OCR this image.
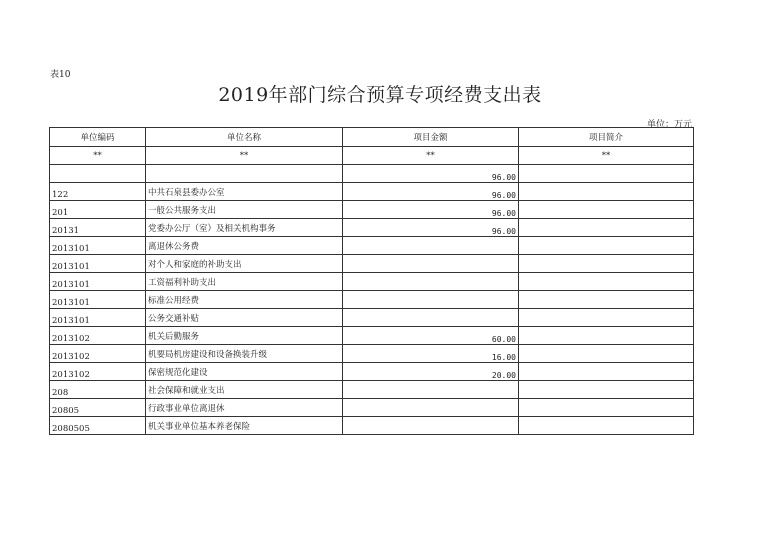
表10
2019年部门综合预算专项经费支出表
单位：万元
单位编码	单位名称	项目金额	项目简介
**	**	**	**
		96.00	
122	中共石泉县委办公室	96.00	
201	一般公共服务支出	96.00	
20131	党委办公厅（室）及相关机构事务	96.00	
2013101	离退休公务费		
2013101	对个人和家庭的补助支出		
2013101	工资福利补助支出		
2013101	标准公用经费		
2013101	公务交通补贴		
2013102	机关后勤服务	60.00	
2013102	机要局机房建设和设备换装升级	16.00	
2013102	保密规范化建设	20.00	
208	社会保障和就业支出		
20805	行政事业单位离退休		
2080505	机关事业单位基本养老保险		
